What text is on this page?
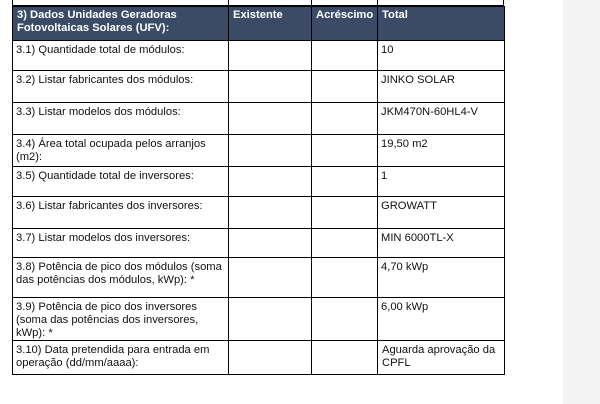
3) Dados Unidades Geradoras Fotovoltaicas Solares (UFV):	Existente	Acréscimo	Total
3.1) Quantidade total de módulos:			10
3.2) Listar fabricantes dos módulos:			JINKO SOLAR
3.3) Listar modelos dos módulos:			JKM470N-60HL4-V
3.4) Área total ocupada pelos arranjos (m2):			19,50 m2
3.5) Quantidade total de inversores:			1
3.6) Listar fabricantes dos inversores:			GROWATT
3.7) Listar modelos dos inversores:			MIN 6000TL-X
3.8) Potência de pico dos módulos (soma das potências dos módulos, kWp): *			4,70 kWp
3.9) Potência de pico dos inversores (soma das potências dos inversores, kWp): *			6,00 kWp
3.10) Data pretendida para entrada em operação (dd/mm/aaaa):			Aguarda aprovação da CPFL
